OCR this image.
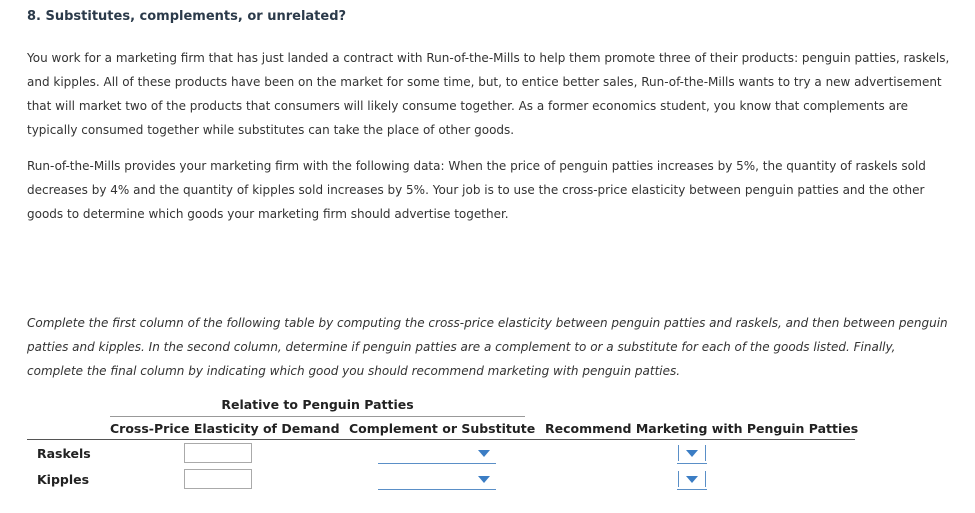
8. Substitutes, complements, or unrelated?

You work for a marketing firm that has just landed a contract with Run-of-the-Mills to help them promote three of their products: penguin patties, raskels, and kipples. All of these products have been on the market for some time, but, to entice better sales, Run-of-the-Mills wants to try a new advertisement that will market two of the products that consumers will likely consume together. As a former economics student, you know that complements are typically consumed together while substitutes can take the place of other goods.

Run-of-the-Mills provides your marketing firm with the following data: When the price of penguin patties increases by 5%, the quantity of raskels sold decreases by 4% and the quantity of kipples sold increases by 5%. Your job is to use the cross-price elasticity between penguin patties and the other goods to determine which goods your marketing firm should advertise together.

Complete the first column of the following table by computing the cross-price elasticity between penguin patties and raskels, and then between penguin patties and kipples. In the second column, determine if penguin patties are a complement to or a substitute for each of the goods listed. Finally, complete the final column by indicating which good you should recommend marketing with penguin patties.

Relative to Penguin Patties
Cross-Price Elasticity of Demand Complement or Substitute Recommend Marketing with Penguin Patties
Raskels
Kipples
